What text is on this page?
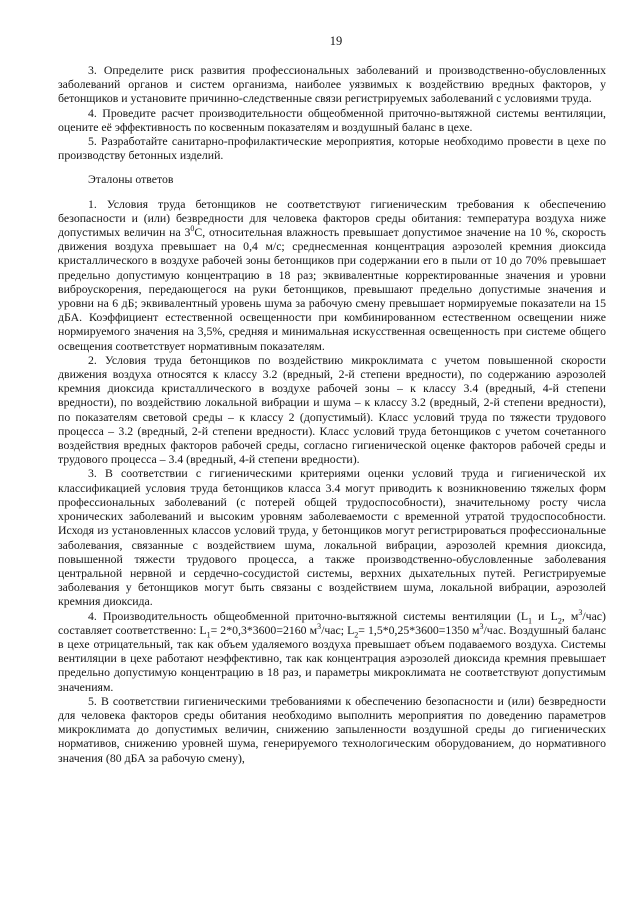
19

3. Определите риск развития профессиональных заболеваний и производственно-обусловленных заболеваний органов и систем организма, наиболее уязвимых к воздействию вредных факторов, у бетонщиков и установите причинно-следственные связи регистрируемых заболеваний с условиями труда.

4. Проведите расчет производительности общеобменной приточно-вытяжной системы вентиляции, оцените её эффективность по косвенным показателям и воздушный баланс в цехе.

5. Разработайте санитарно-профилактические мероприятия, которые необходимо провести в цехе по производству бетонных изделий.

Эталоны ответов

1. Условия труда бетонщиков не соответствуют гигиеническим требования к обеспечению безопасности и (или) безвредности для человека факторов среды обитания: температура воздуха ниже допустимых величин на $3^0С$, относительная влажность превышает допустимое значение на 10 %, скорость движения воздуха превышает на 0,4 м/с; среднесменная концентрация аэрозолей кремния диоксида кристаллического в воздухе рабочей зоны бетонщиков при содержании его в пыли от 10 до 70% превышает предельно допустимую концентрацию в 18 раз; эквивалентные корректированные значения и уровни виброускорения, передающегося на руки бетонщиков, превышают предельно допустимые значения и уровни на 6 дБ; эквивалентный уровень шума за рабочую смену превышает нормируемые показатели на 15 дБА. Коэффициент естественной освещенности при комбинированном естественном освещении ниже нормируемого значения на 3,5%, средняя и минимальная искусственная освещенность при системе общего освещения соответствует нормативным показателям.

2. Условия труда бетонщиков по воздействию микроклимата с учетом повышенной скорости движения воздуха относятся к классу 3.2 (вредный, 2-й степени вредности), по содержанию аэрозолей кремния диоксида кристаллического в воздухе рабочей зоны – к классу 3.4 (вредный, 4-й степени вредности), по воздействию локальной вибрации и шума – к классу 3.2 (вредный, 2-й степени вредности), по показателям световой среды – к классу 2 (допустимый). Класс условий труда по тяжести трудового процесса – 3.2 (вредный, 2-й степени вредности). Класс условий труда бетонщиков с учетом сочетанного воздействия вредных факторов рабочей среды, согласно гигиенической оценке факторов рабочей среды и трудового процесса – 3.4 (вредный, 4-й степени вредности).

3. В соответствии с гигиеническими критериями оценки условий труда и гигиенической их классификацией условия труда бетонщиков класса 3.4 могут приводить к возникновению тяжелых форм профессиональных заболеваний (с потерей общей трудоспособности), значительному росту числа хронических заболеваний и высоким уровням заболеваемости с временной утратой трудоспособности. Исходя из установленных классов условий труда, у бетонщиков могут регистрироваться профессиональные заболевания, связанные с воздействием шума, локальной вибрации, аэрозолей кремния диоксида, повышенной тяжести трудового процесса, а также производственно-обусловленные заболевания центральной нервной и сердечно-сосудистой системы, верхних дыхательных путей. Регистрируемые заболевания у бетонщиков могут быть связаны с воздействием шума, локальной вибрации, аэрозолей кремния диоксида.

4. Производительность общеобменной приточно-вытяжной системы вентиляции ($L_1$ и $L_2$, $м^3/час$) составляет соответственно: $L_1= 2*0,3*3600=2160$ $м^3$/час; $L_2= 1,5*0,25*3600=1350$ $м^3$/час. Воздушный баланс в цехе отрицательный, так как объем удаляемого воздуха превышает объем подаваемого воздуха. Системы вентиляции в цехе работают неэффективно, так как концентрация аэрозолей диоксида кремния превышает предельно допустимую концентрацию в 18 раз, и параметры микроклимата не соответствуют допустимым значениям.

5. В соответствии гигиеническими требованиями к обеспечению безопасности и (или) безвредности для человека факторов среды обитания необходимо выполнить мероприятия по доведению параметров микроклимата до допустимых величин, снижению запыленности воздушной среды до гигиенических нормативов, снижению уровней шума, генерируемого технологическим оборудованием, до нормативного значения (80 дБА за рабочую смену),
